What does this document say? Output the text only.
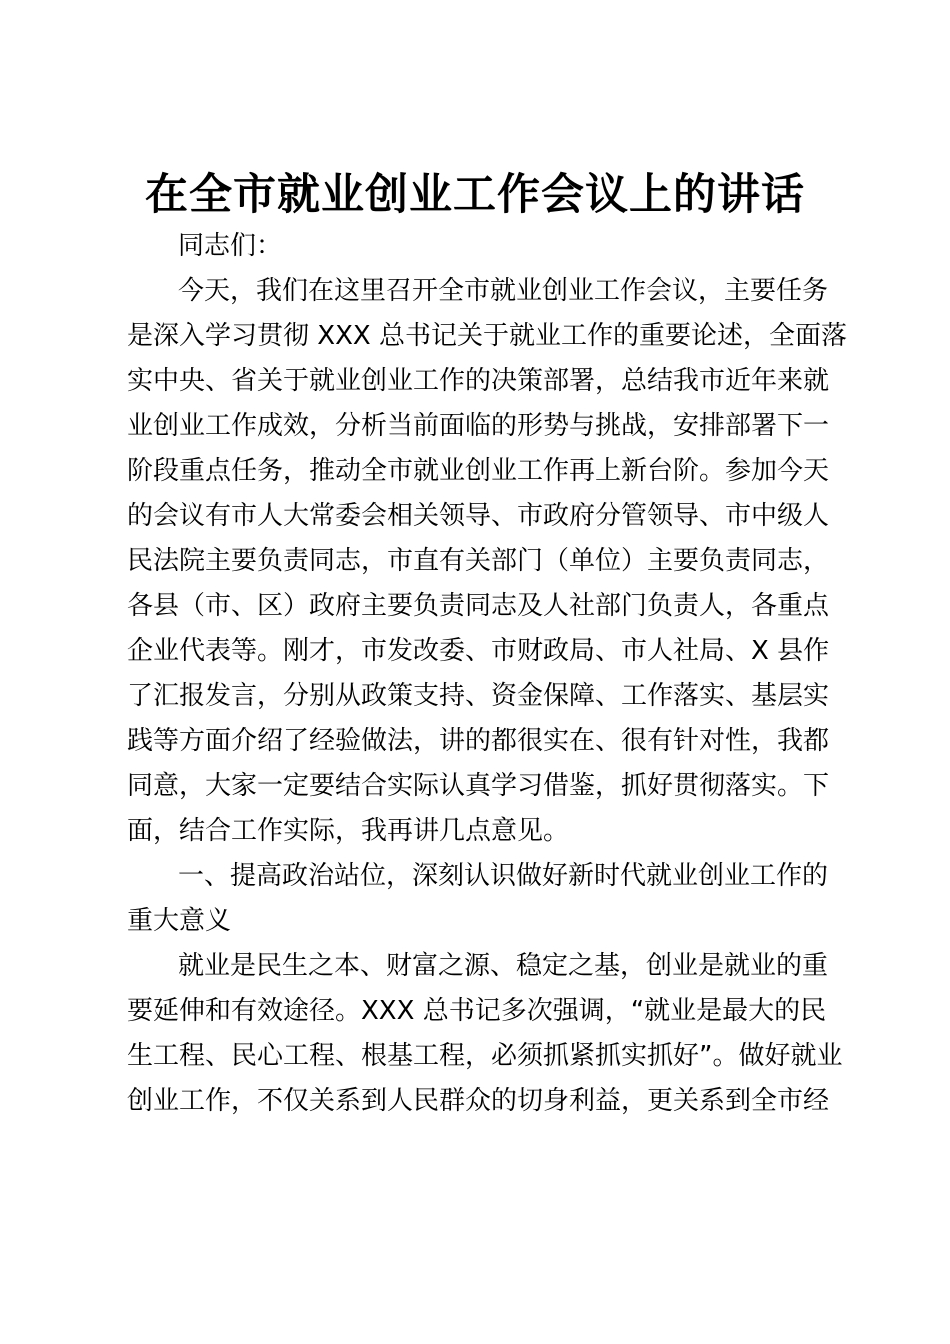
在全市就业创业工作会议上的讲话

同志们：

今天，我们在这里召开全市就业创业工作会议，主要任务

是深入学习贯彻 XXX 总书记关于就业工作的重要论述，全面落

实中央、省关于就业创业工作的决策部署，总结我市近年来就

业创业工作成效，分析当前面临的形势与挑战，安排部署下一

阶段重点任务，推动全市就业创业工作再上新台阶。参加今天

的会议有市人大常委会相关领导、市政府分管领导、市中级人

民法院主要负责同志，市直有关部门（单位）主要负责同志，

各县（市、区）政府主要负责同志及人社部门负责人，各重点

企业代表等。刚才，市发改委、市财政局、市人社局、X 县作

了汇报发言，分别从政策支持、资金保障、工作落实、基层实

践等方面介绍了经验做法，讲的都很实在、很有针对性，我都

同意，大家一定要结合实际认真学习借鉴，抓好贯彻落实。下

面，结合工作实际，我再讲几点意见。

一、提高政治站位，深刻认识做好新时代就业创业工作的

重大意义

就业是民生之本、财富之源、稳定之基，创业是就业的重

要延伸和有效途径。XXX 总书记多次强调，“就业是最大的民

生工程、民心工程、根基工程，必须抓紧抓实抓好”。做好就业

创业工作，不仅关系到人民群众的切身利益，更关系到全市经
